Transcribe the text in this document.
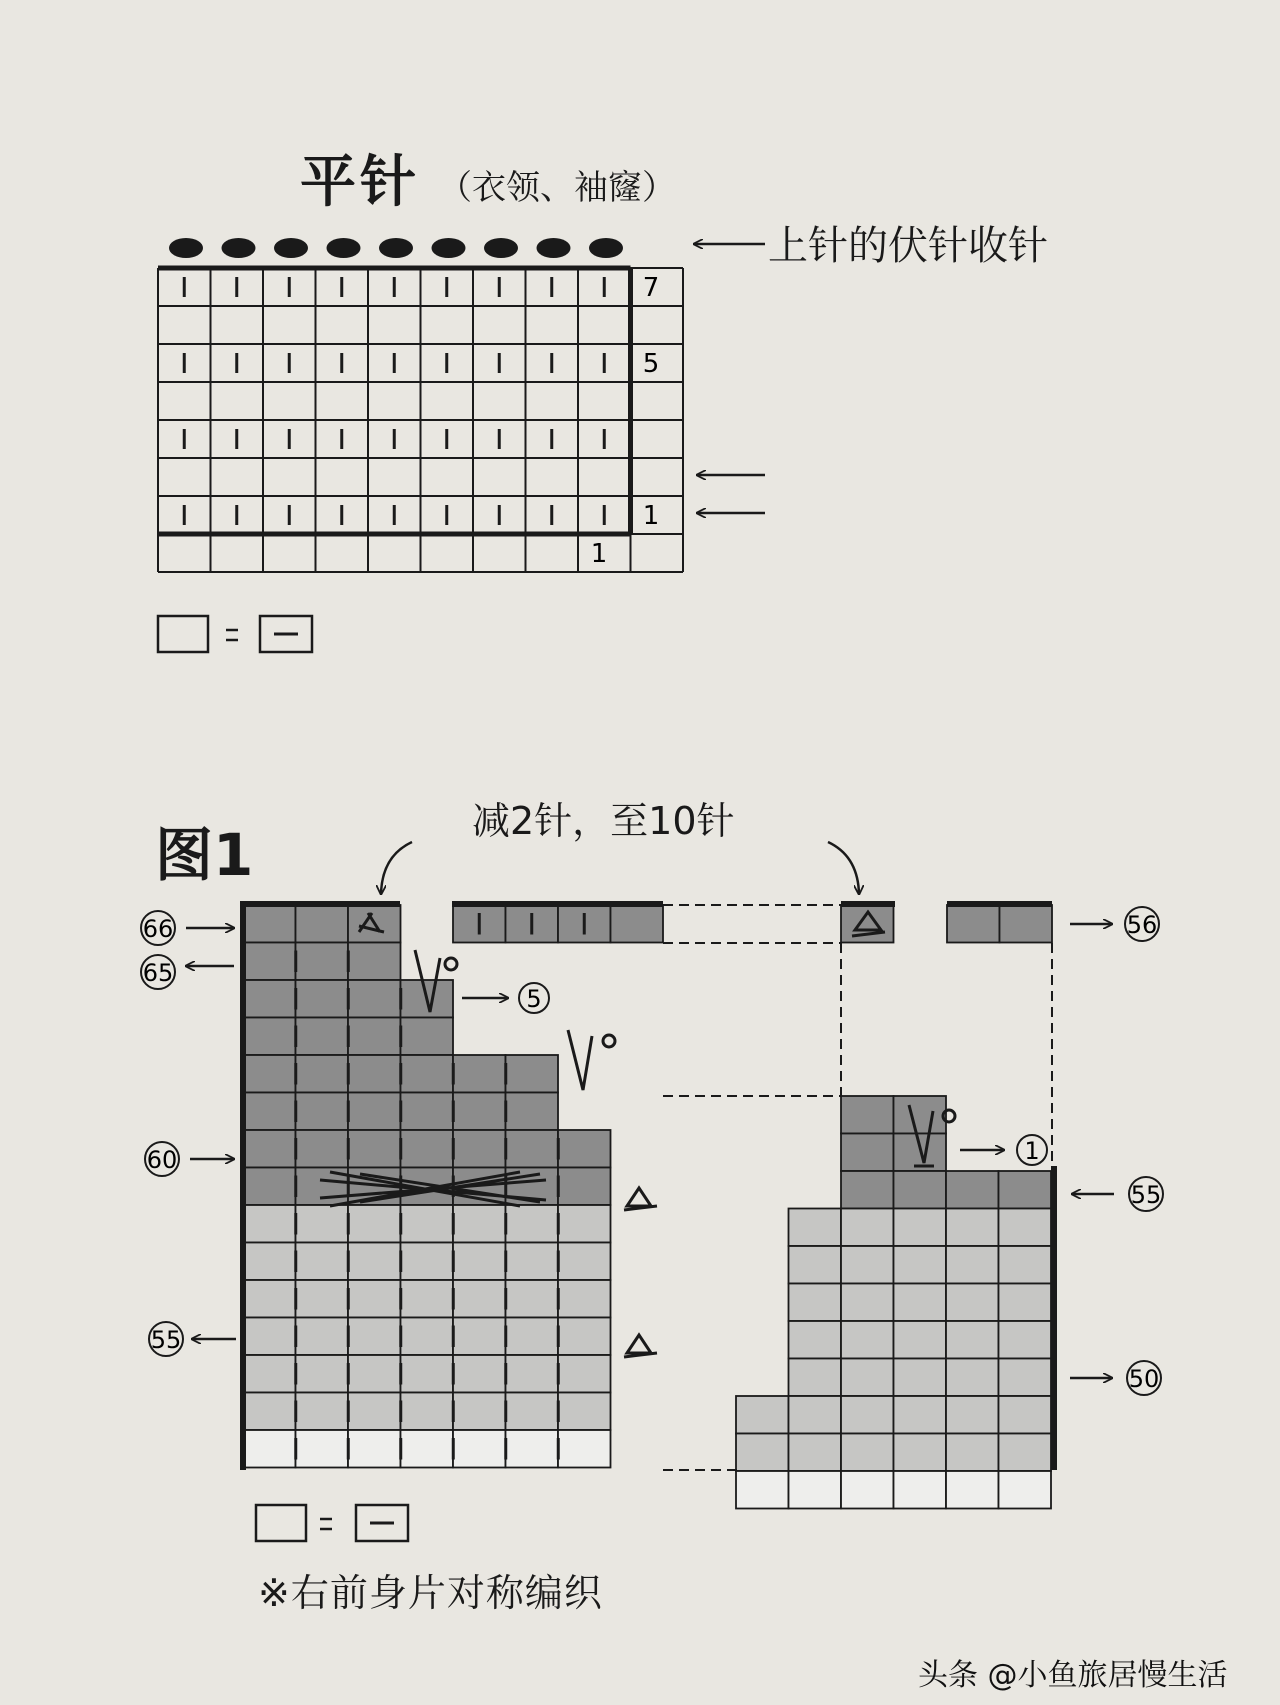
平针 （衣领、袖窿）
上针的伏针收针
7
5
1
1
66
65
60
55
56
55
50
5
1
图1	减2针，至10针
※右前身片对称编织
头条 @小鱼旅居慢生活
